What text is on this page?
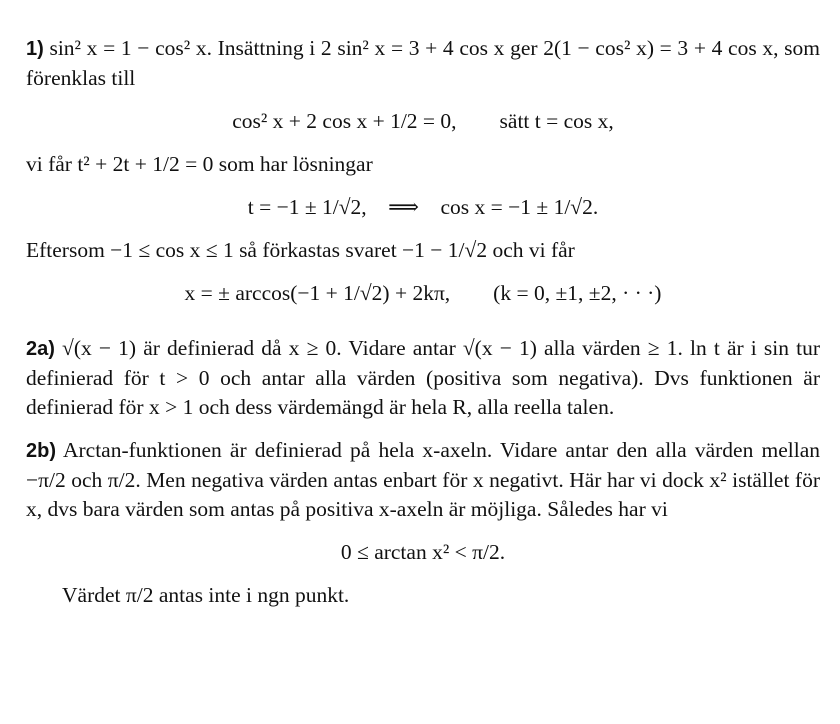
1) sin² x = 1 − cos² x. Insättning i 2 sin² x = 3 + 4 cos x ger 2(1 − cos² x) = 3 + 4 cos x, som förenklas till

cos² x + 2 cos x + 1/2 = 0,        sätt t = cos x,

vi får t² + 2t + 1/2 = 0 som har lösningar

t = −1 ± 1/√2,    ⟹    cos x = −1 ± 1/√2.

Eftersom −1 ≤ cos x ≤ 1 så förkastas svaret −1 − 1/√2 och vi får

x = ± arccos(−1 + 1/√2) + 2kπ,        (k = 0, ±1, ±2, · · ·)

2a) √(x − 1) är definierad då x ≥ 0. Vidare antar √(x − 1) alla värden ≥ 1. ln t är i sin tur definierad för t > 0 och antar alla värden (positiva som negativa). Dvs funktionen är definierad för x > 1 och dess värdemängd är hela R, alla reella talen.

2b) Arctan-funktionen är definierad på hela x-axeln. Vidare antar den alla värden mellan −π/2 och π/2. Men negativa värden antas enbart för x negativt. Här har vi dock x² istället för x, dvs bara värden som antas på positiva x-axeln är möjliga. Således har vi

0 ≤ arctan x² < π/2.

Värdet π/2 antas inte i ngn punkt.
